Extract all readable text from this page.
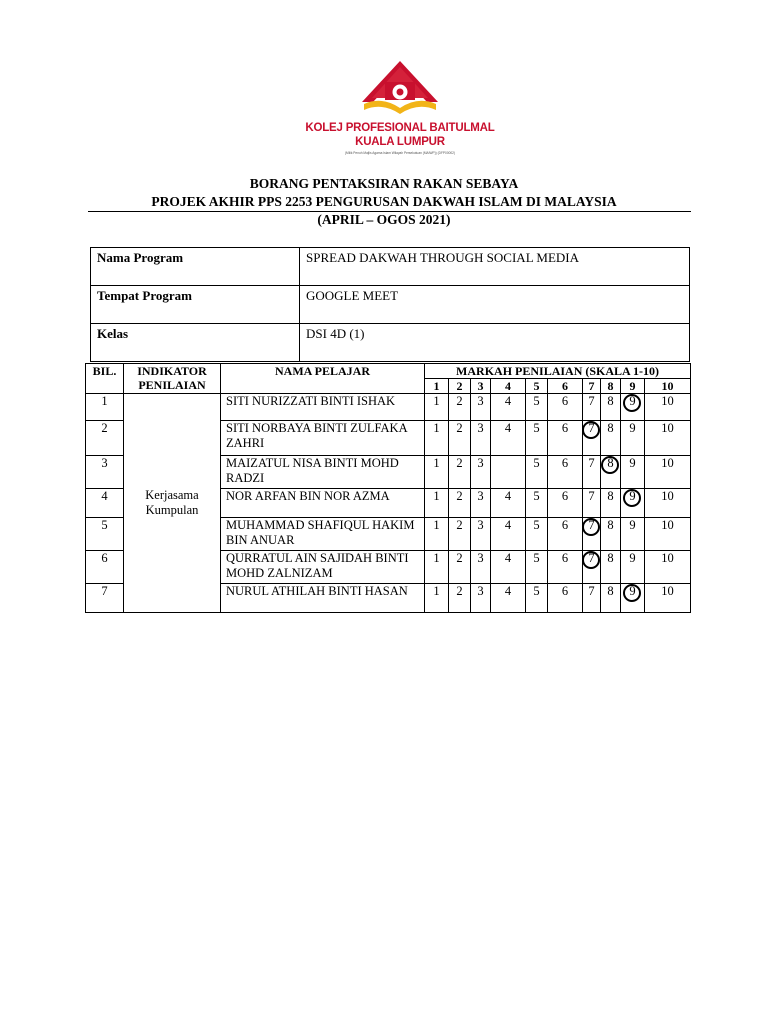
KOLEJ PROFESIONAL BAITULMAL
KUALA LUMPUR
(Milik Penuh Majlis Agama Islam Wilayah Persekutuan (MAIWP)) (DFP00002)
BORANG PENTAKSIRAN RAKAN SEBAYA
PROJEK AKHIR PPS 2253 PENGURUSAN DAKWAH ISLAM DI MALAYSIA
(APRIL – OGOS 2021)
Nama Program	SPREAD DAKWAH THROUGH SOCIAL MEDIA
Tempat Program	GOOGLE MEET
Kelas	DSI 4D (1)
BIL.	INDIKATOR PENILAIAN	NAMA PELAJAR	MARKAH PENILAIAN (SKALA 1-10)									
			1	2	3	4	5	6	7	8	9	10
1	Kerjasama Kumpulan	SITI NURIZZATI BINTI ISHAK	1	2	3	4	5	6	7	8	9	10
2		SITI NORBAYA BINTI ZULFAKA ZAHRI	1	2	3	4	5	6	7	8	9	10
3		MAIZATUL NISA BINTI MOHD RADZI	1	2	3		5	6	7	8	9	10
4		NOR ARFAN BIN NOR AZMA	1	2	3	4	5	6	7	8	9	10
5		MUHAMMAD SHAFIQUL HAKIM BIN ANUAR	1	2	3	4	5	6	7	8	9	10
6		QURRATUL AIN SAJIDAH BINTI MOHD ZALNIZAM	1	2	3	4	5	6	7	8	9	10
7		NURUL ATHILAH BINTI HASAN	1	2	3	4	5	6	7	8	9	10
